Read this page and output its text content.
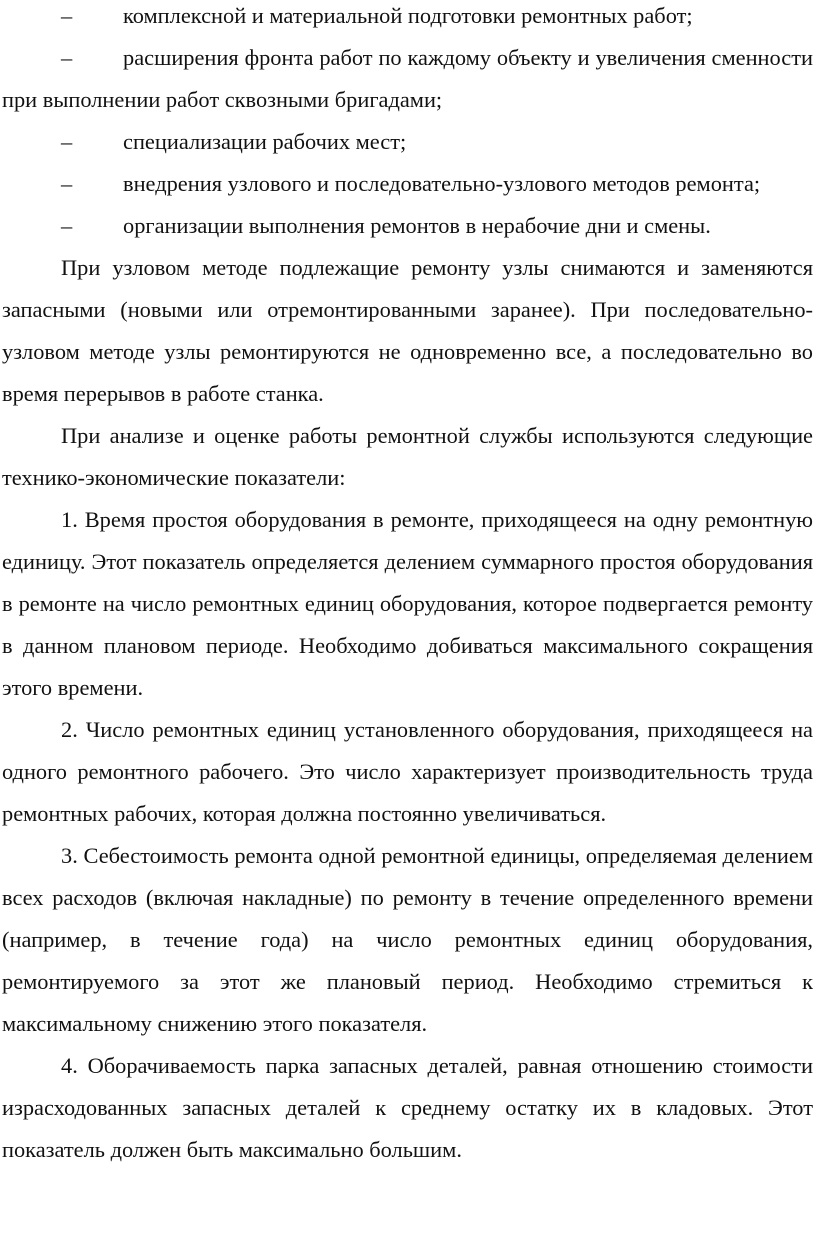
– комплексной и материальной подготовки ремонтных работ;

– расширения фронта работ по каждому объекту и увеличения сменности при выполнении работ сквозными бригадами;

– специализации рабочих мест;

– внедрения узлового и последовательно-узлового методов ремонта;

– организации выполнения ремонтов в нерабочие дни и смены.

При узловом методе подлежащие ремонту узлы снимаются и заменяются запасными (новыми или отремонтированными заранее). При последовательно-узловом методе узлы ремонтируются не одновременно все, а последовательно во время перерывов в работе станка.

При анализе и оценке работы ремонтной службы используются следующие технико-экономические показатели:

1. Время простоя оборудования в ремонте, приходящееся на одну ремонтную единицу. Этот показатель определяется делением суммарного простоя оборудования в ремонте на число ремонтных единиц оборудования, которое подвергается ремонту в данном плановом периоде. Необходимо добиваться максимального сокращения этого времени.

2. Число ремонтных единиц установленного оборудования, приходящееся на одного ремонтного рабочего. Это число характеризует производительность труда ремонтных рабочих, которая должна постоянно увеличиваться.

3. Себестоимость ремонта одной ремонтной единицы, определяемая делением всех расходов (включая накладные) по ремонту в течение определенного времени (например, в течение года) на число ремонтных единиц оборудования, ремонтируемого за этот же плановый период. Необходимо стремиться к максимальному снижению этого показателя.

4. Оборачиваемость парка запасных деталей, равная отношению стоимости израсходованных запасных деталей к среднему остатку их в кладовых. Этот показатель должен быть максимально большим.
